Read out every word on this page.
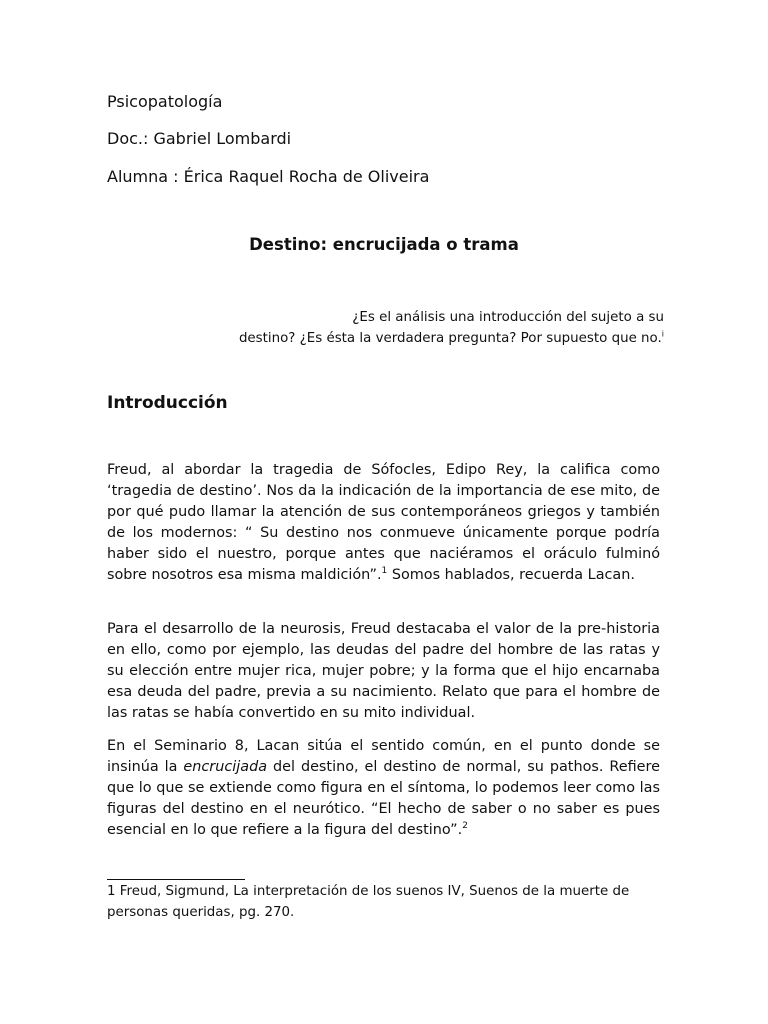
Psicopatología
Doc.: Gabriel Lombardi
Alumna : Érica Raquel Rocha de Oliveira
Destino: encrucijada o trama
¿Es el análisis una introducción del sujeto a su
destino? ¿Es ésta la verdadera pregunta? Por supuesto que no.$^i$
Introducción

Freud, al abordar la tragedia de Sófocles, Edipo Rey, la califica como ‘tragedia de destino’. Nos da la indicación de la importancia de ese mito, de por qué pudo llamar la atención de sus contemporáneos griegos y también de los modernos: “ Su destino nos conmueve únicamente porque podría haber sido el nuestro, porque antes que naciéramos el oráculo fulminó sobre nosotros esa misma maldición”.$^1$ Somos hablados, recuerda Lacan.

Para el desarrollo de la neurosis, Freud destacaba el valor de la pre-historia en ello, como por ejemplo, las deudas del padre del hombre de las ratas y su elección entre mujer rica, mujer pobre; y la forma que el hijo encarnaba esa deuda del padre, previa a su nacimiento. Relato que para el hombre de las ratas se había convertido en su mito individual.

En el Seminario 8, Lacan sitúa el sentido común, en el punto donde se insinúa la encrucijada del destino, el destino de normal, su pathos. Refiere que lo que se extiende como figura en el síntoma, lo podemos leer como las figuras del destino en el neurótico. “El hecho de saber o no saber es pues esencial en lo que refiere a la figura del destino”.$^2$

1 Freud, Sigmund, La interpretación de los suenos IV, Suenos de la muerte de personas queridas, pg. 270.
